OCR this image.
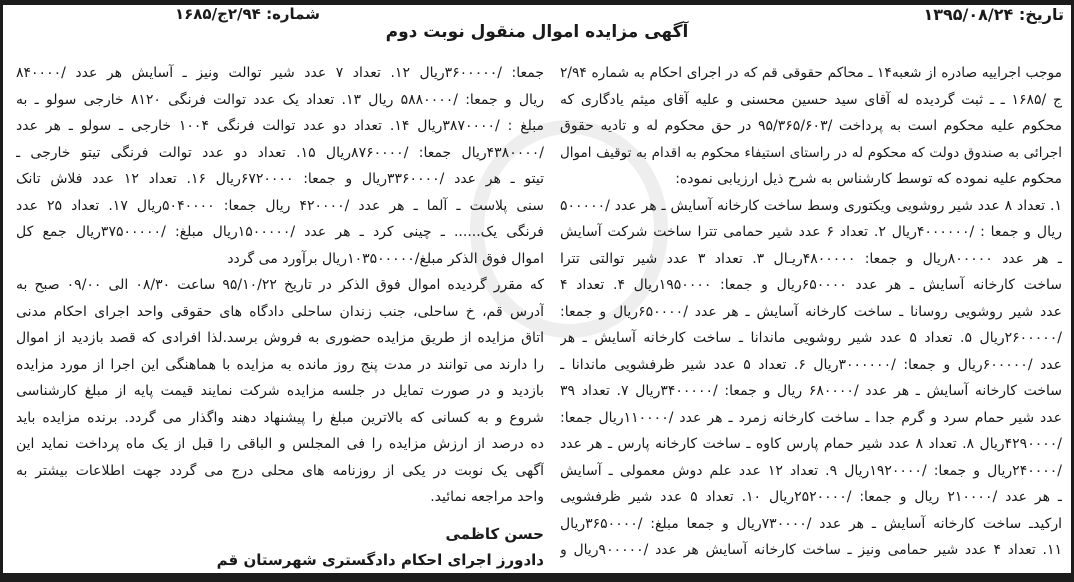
تاریخ: ۱۳۹۵/۰۸/۲۴
شماره: ۲/۹۴ج/۱۶۸۵
آگهی مزایده اموال منقول نوبت دوم
موجب اجراییه صادره از شعبه۱۴ ـ محاکم حقوقی قم که در اجرای احکام به شماره ۲/۹۴
ج /۱۶۸۵ ـ ـ ثبت گردیده له آقای سید حسین محسنی و علیه آقای میثم یادگاری که
محکوم علیه محکوم است به پرداخت /۹۵/۳۶۵/۶۰۳ در حق محکوم له و تادیه حقوق
اجرائی به صندوق دولت که محکوم له در راستای استیفاء محکوم به اقدام به توقیف اموال
محکوم علیه نموده که توسط کارشناس به شرح ذیل ارزیابی نموده:
۱. تعداد ۸ عدد شیر روشویی ویکتوری وسط ساخت کارخانه آسایش ـ هر عدد /۵۰۰۰۰۰
ریال و جمعا : /۴۰۰۰۰۰۰ریال ۲. تعداد ۶ عدد شیر حمامی تترا ساخت شرکت آسایش
ـ هر عدد ۸۰۰۰۰۰ریال و جمعا: ۴۸۰۰۰۰۰ریـال ۳. تعداد ۳ عدد شیر توالتی تترا
ساخت کارخانه آسایش ـ هر عدد ۶۵۰۰۰۰ریال و جمعا: ۱۹۵۰۰۰۰ریال ۴. تعداد ۴
عدد شیر روشویی روسانا ـ ساخت کارخانه آسایش ـ هر عدد /۶۵۰۰۰۰ریال و جمعا:
/۲۶۰۰۰۰۰ریال ۵. تعداد ۵ عدد شیر روشویی ماندانا ـ ساخت کارخانه آسایش ـ هر
عدد /۶۰۰۰۰۰ریال و جمعا: /۳۰۰۰۰۰۰ریال ۶. تعداد ۵ عدد شیر ظرفشویی ماندانا ـ
ساخت کارخانه آسایش ـ هر عدد /۶۸۰۰۰۰ ریال و جمعا: /۳۴۰۰۰۰۰ریال ۷. تعداد ۳۹
عدد شیر حمام سرد و گرم جدا ـ ساخت کارخانه زمرد ـ هر عدد /۱۱۰۰۰۰ریال جمعا:
/۴۲۹۰۰۰۰ریال ۸. تعداد ۸ عدد شیر حمام پارس کاوه ـ ساخت کارخانه پارس ـ هر عدد
/۲۴۰۰۰۰ریال و جمعا: /۱۹۲۰۰۰۰ریال ۹. تعداد ۱۲ عدد علم دوش معمولی ـ آسایش
ـ هر عدد /۲۱۰۰۰۰ ریال و جمعا: /۲۵۲۰۰۰۰ریال ۱۰. تعداد ۵ عدد شیر ظرفشویی
ارکیدـ ساخت کارخانه آسایش ـ هر عدد /۷۳۰۰۰۰ریال و جمعا مبلغ: /۳۶۵۰۰۰۰ریال
۱۱. تعداد ۴ عدد شیر حمامی ونیز ـ ساخت کارخانه آسایش هر عدد /۹۰۰۰۰۰ریال و
جمعا: /۳۶۰۰۰۰۰ریال ۱۲. تعداد ۷ عدد شیر توالت ونیز ـ آسایش هر عدد /۸۴۰۰۰۰
ریال و جمعا: /۵۸۸۰۰۰۰ ریال ۱۳. تعداد یک عدد توالت فرنگی ۸۱۲۰ خارجی سولو ـ به
مبلغ : /۳۸۷۰۰۰۰ریال ۱۴. تعداد دو عدد توالت فرنگی ۱۰۰۴ خارجی ـ سولو ـ هر عدد
/۴۳۸۰۰۰۰ریال جمعا: /۸۷۶۰۰۰۰ریال ۱۵. تعداد دو عدد توالت فرنگی تیتو خارجی ـ
تیتو ـ هر عدد /۳۳۶۰۰۰۰ریال و جمعا: ۶۷۲۰۰۰۰ریال ۱۶. تعداد ۱۲ عدد فلاش تانک
سنی پلاست ـ آلما ـ هر عدد /۴۲۰۰۰۰ ریال جمعا: ۵۰۴۰۰۰۰ریال ۱۷. تعداد ۲۵ عدد
فرنگی یک...... ـ چینی کرد ـ هر عدد /۱۵۰۰۰۰۰ریال مبلغ: /۳۷۵۰۰۰۰۰ریال جمع کل
اموال فوق الذکر مبلغ/۱۰۳۵۰۰۰۰۰ریال برآورد می گردد
که مقرر گردیده اموال فوق الذکر در تاریخ ۹۵/۱۰/۲۲ ساعت ۰۸/۳۰ الی ۰۹/۰۰ صبح به
آدرس قم، خ ساحلی، جنب زندان ساحلی دادگاه های حقوقی واحد اجرای احکام مدنی
اتاق مزایده از طریق مزایده حضوری به فروش برسد.لذا افرادی که قصد بازدید از اموال
را دارند می توانند در مدت پنج روز مانده به مزایده با هماهنگی این اجرا از مورد مزایده
بازدید و در صورت تمایل در جلسه مزایده شرکت نمایند قیمت پایه از مبلغ کارشناسی
شروع و به کسانی که بالاترین مبلغ را پیشنهاد دهند واگذار می گردد. برنده مزایده باید
ده درصد از ارزش مزایده را فی المجلس و الباقی را قبل از یک ماه پرداخت نماید این
آگهی یک نوبت در یکی از روزنامه های محلی درج می گردد جهت اطلاعات بیشتر به
واحد مراجعه نمائید.
حسن کاظمی
دادورز اجرای احکام دادگستری شهرستان قم
